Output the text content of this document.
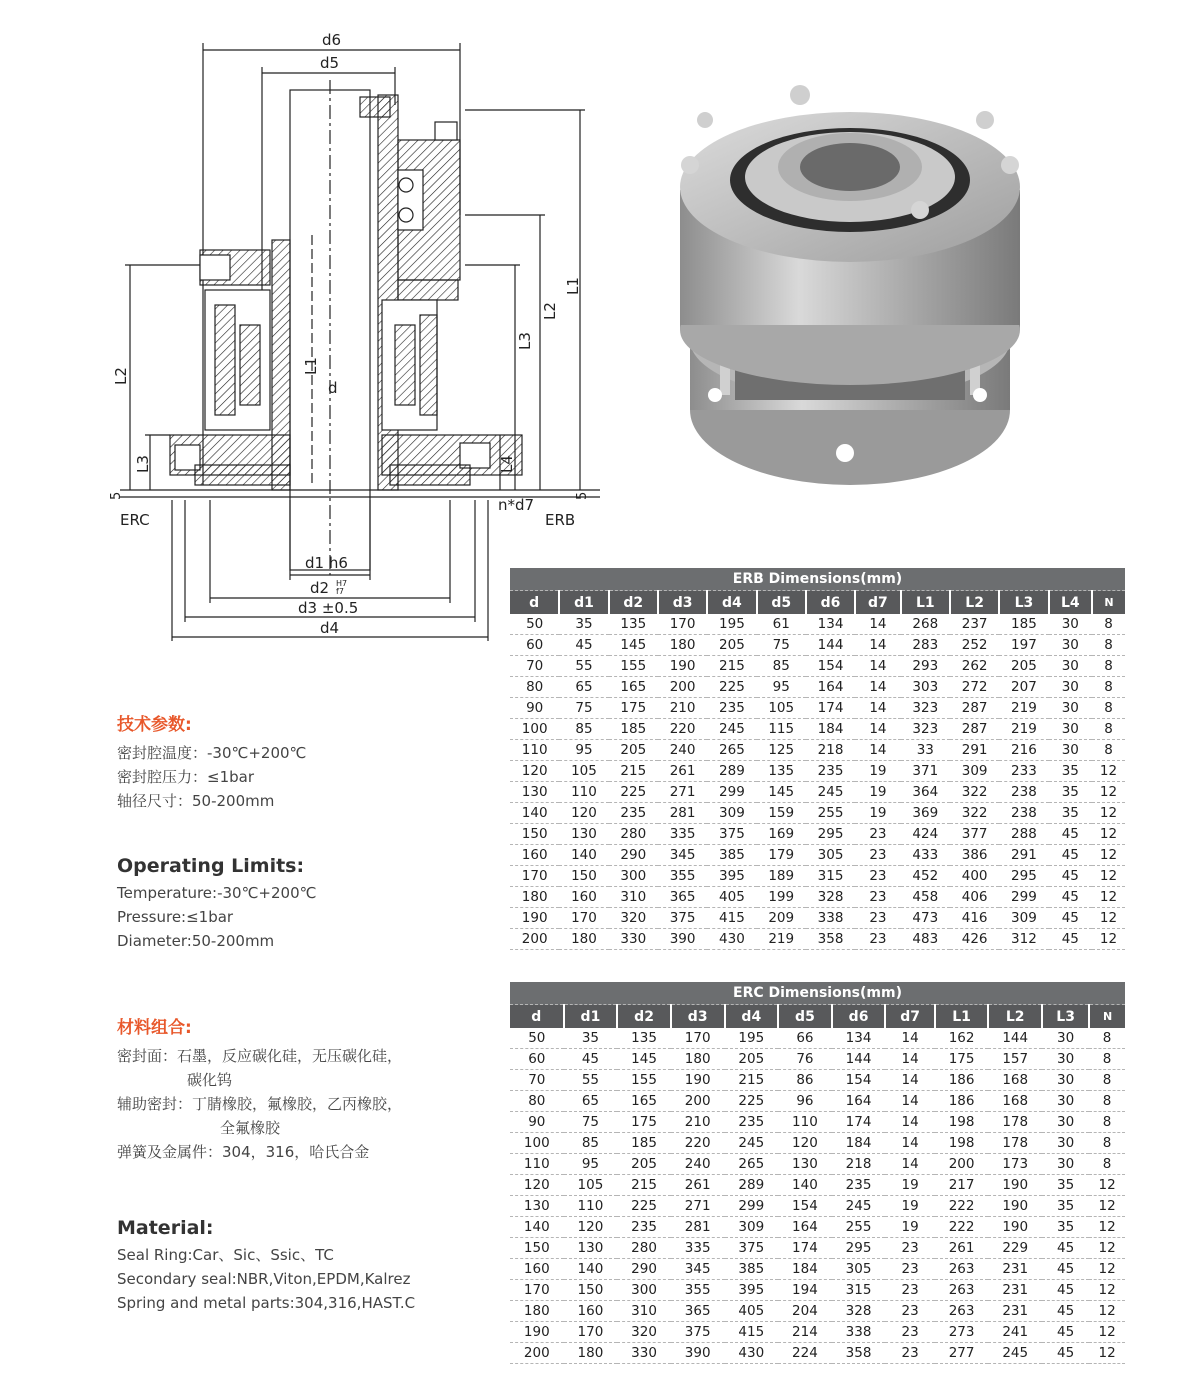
d6
d5
L1
L2
L3
L4
L2
L3
L1
d
5	5
n*d7
ERC	ERB
d1 h6
d2 H7
f7
d3 ±0.5
d4
技术参数:
密封腔温度：-30℃+200℃
密封腔压力：≤1bar
轴径尺寸：50-200mm
Operating Limits:
Temperature:-30℃+200℃
Pressure:≤1bar
Diameter:50-200mm
材料组合:
密封面：石墨，反应碳化硅，无压碳化硅，
碳化钨
辅助密封：丁腈橡胶，氟橡胶，乙丙橡胶，
全氟橡胶
弹簧及金属件：304，316，哈氏合金
Material:
Seal Ring:Car、Sic、Ssic、TC
Secondary seal:NBR,Viton,EPDM,Kalrez
Spring and metal parts:304,316,HAST.C
ERB Dimensions(mm)												
d	d1	d2	d3	d4	d5	d6	d7	L1	L2	L3	L4	N
50	35	135	170	195	61	134	14	268	237	185	30	8
60	45	145	180	205	75	144	14	283	252	197	30	8
70	55	155	190	215	85	154	14	293	262	205	30	8
80	65	165	200	225	95	164	14	303	272	207	30	8
90	75	175	210	235	105	174	14	323	287	219	30	8
100	85	185	220	245	115	184	14	323	287	219	30	8
110	95	205	240	265	125	218	14	33	291	216	30	8
120	105	215	261	289	135	235	19	371	309	233	35	12
130	110	225	271	299	145	245	19	364	322	238	35	12
140	120	235	281	309	159	255	19	369	322	238	35	12
150	130	280	335	375	169	295	23	424	377	288	45	12
160	140	290	345	385	179	305	23	433	386	291	45	12
170	150	300	355	395	189	315	23	452	400	295	45	12
180	160	310	365	405	199	328	23	458	406	299	45	12
190	170	320	375	415	209	338	23	473	416	309	45	12
200	180	330	390	430	219	358	23	483	426	312	45	12
ERC Dimensions(mm)											
d	d1	d2	d3	d4	d5	d6	d7	L1	L2	L3	N
50	35	135	170	195	66	134	14	162	144	30	8
60	45	145	180	205	76	144	14	175	157	30	8
70	55	155	190	215	86	154	14	186	168	30	8
80	65	165	200	225	96	164	14	186	168	30	8
90	75	175	210	235	110	174	14	198	178	30	8
100	85	185	220	245	120	184	14	198	178	30	8
110	95	205	240	265	130	218	14	200	173	30	8
120	105	215	261	289	140	235	19	217	190	35	12
130	110	225	271	299	154	245	19	222	190	35	12
140	120	235	281	309	164	255	19	222	190	35	12
150	130	280	335	375	174	295	23	261	229	45	12
160	140	290	345	385	184	305	23	263	231	45	12
170	150	300	355	395	194	315	23	263	231	45	12
180	160	310	365	405	204	328	23	263	231	45	12
190	170	320	375	415	214	338	23	273	241	45	12
200	180	330	390	430	224	358	23	277	245	45	12
